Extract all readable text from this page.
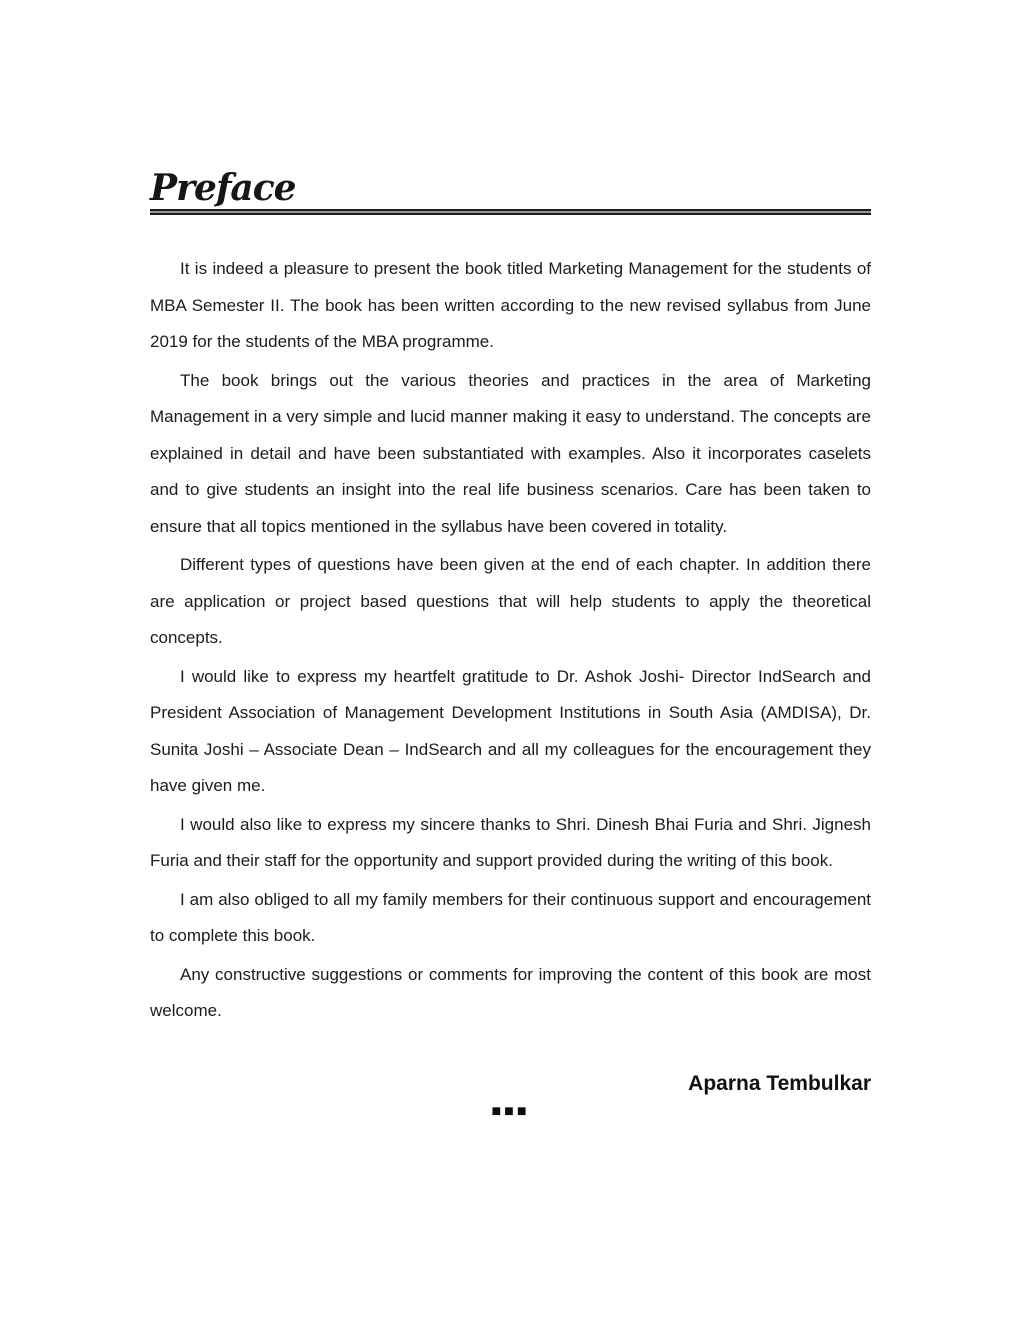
Preface

It is indeed a pleasure to present the book titled Marketing Management for the students of MBA Semester II. The book has been written according to the new revised syllabus from June 2019 for the students of the MBA programme.

The book brings out the various theories and practices in the area of Marketing Management in a very simple and lucid manner making it easy to understand. The concepts are explained in detail and have been substantiated with examples. Also it incorporates caselets and to give students an insight into the real life business scenarios. Care has been taken to ensure that all topics mentioned in the syllabus have been covered in totality.

Different types of questions have been given at the end of each chapter. In addition there are application or project based questions that will help students to apply the theoretical concepts.

I would like to express my heartfelt gratitude to Dr. Ashok Joshi- Director IndSearch and President Association of Management Development Institutions in South Asia (AMDISA), Dr. Sunita Joshi – Associate Dean – IndSearch and all my colleagues for the encouragement they have given me.

I would also like to express my sincere thanks to Shri. Dinesh Bhai Furia and Shri. Jignesh Furia and their staff for the opportunity and support provided during the writing of this book.

I am also obliged to all my family members for their continuous support and encouragement to complete this book.

Any constructive suggestions or comments for improving the content of this book are most welcome.

Aparna Tembulkar
■■■
